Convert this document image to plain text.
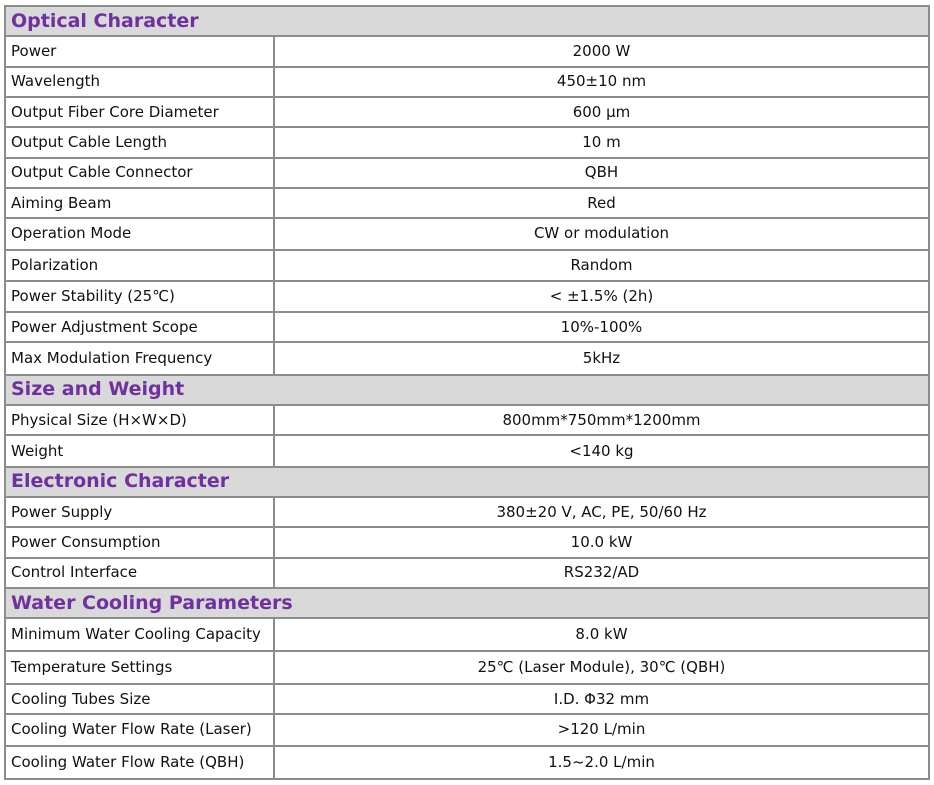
Optical Character	
Power	2000 W
Wavelength	450±10 nm
Output Fiber Core Diameter	600 μm
Output Cable Length	10 m
Output Cable Connector	QBH
Aiming Beam	Red
Operation Mode	CW or modulation
Polarization	Random
Power Stability (25℃)	< ±1.5% (2h)
Power Adjustment Scope	10%-100%
Max Modulation Frequency	5kHz
Size and Weight	
Physical Size (H×W×D)	800mm*750mm*1200mm
Weight	<140 kg
Electronic Character	
Power Supply	380±20 V, AC, PE, 50/60 Hz
Power Consumption	10.0 kW
Control Interface	RS232/AD
Water Cooling Parameters	
Minimum Water Cooling Capacity	8.0 kW
Temperature Settings	25℃ (Laser Module), 30℃ (QBH)
Cooling Tubes Size	I.D. Φ32 mm
Cooling Water Flow Rate (Laser)	>120 L/min
Cooling Water Flow Rate (QBH)	1.5~2.0 L/min
